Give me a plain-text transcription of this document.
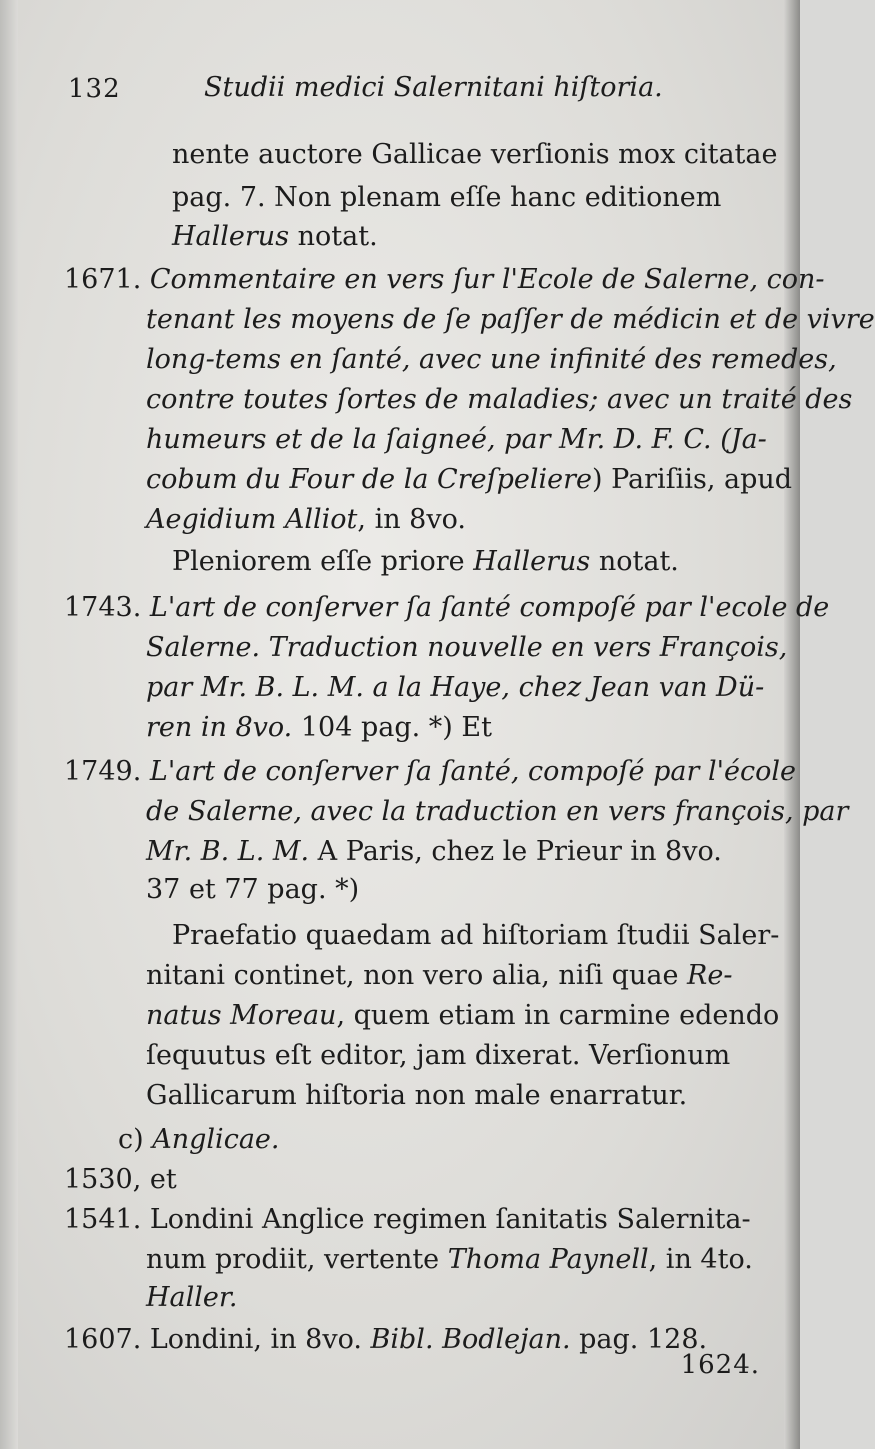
132	Studii medici Salernitani hiſtoria.
nente auctore Gallicae verſionis mox citatae
pag. 7. Non plenam eſſe hanc editionem
Hallerus notat.
1671. Commentaire en vers ſur l'Ecole de Salerne, con-
tenant les moyens de ſe paſſer de médicin et de vivre
long-tems en ſanté, avec une infinité des remedes,
contre toutes ſortes de maladies; avec un traité des
humeurs et de la ſaigneé, par Mr. D. F. C. (Ja-
cobum du Four de la Creſpeliere) Pariſiis, apud
Aegidium Alliot, in 8vo.
Pleniorem eſſe priore Hallerus notat.
1743. L'art de conſerver ſa ſanté compoſé par l'ecole de
Salerne. Traduction nouvelle en vers François,
par Mr. B. L. M. a la Haye, chez Jean van Dü-
ren in 8vo. 104 pag. *) Et
1749. L'art de conſerver ſa ſanté, compoſé par l'école
de Salerne, avec la traduction en vers françois, par
Mr. B. L. M. A Paris, chez le Prieur in 8vo.
37 et 77 pag. *)
Praefatio quaedam ad hiſtoriam ſtudii Saler-
nitani continet, non vero alia, niſi quae Re-
natus Moreau, quem etiam in carmine edendo
ſequutus eſt editor, jam dixerat. Verſionum
Gallicarum hiſtoria non male enarratur.
c) Anglicae.
1530, et
1541. Londini Anglice regimen ſanitatis Salernita-
num prodiit, vertente Thoma Paynell, in 4to.
Haller.
1607. Londini, in 8vo. Bibl. Bodlejan. pag. 128.
1624.
